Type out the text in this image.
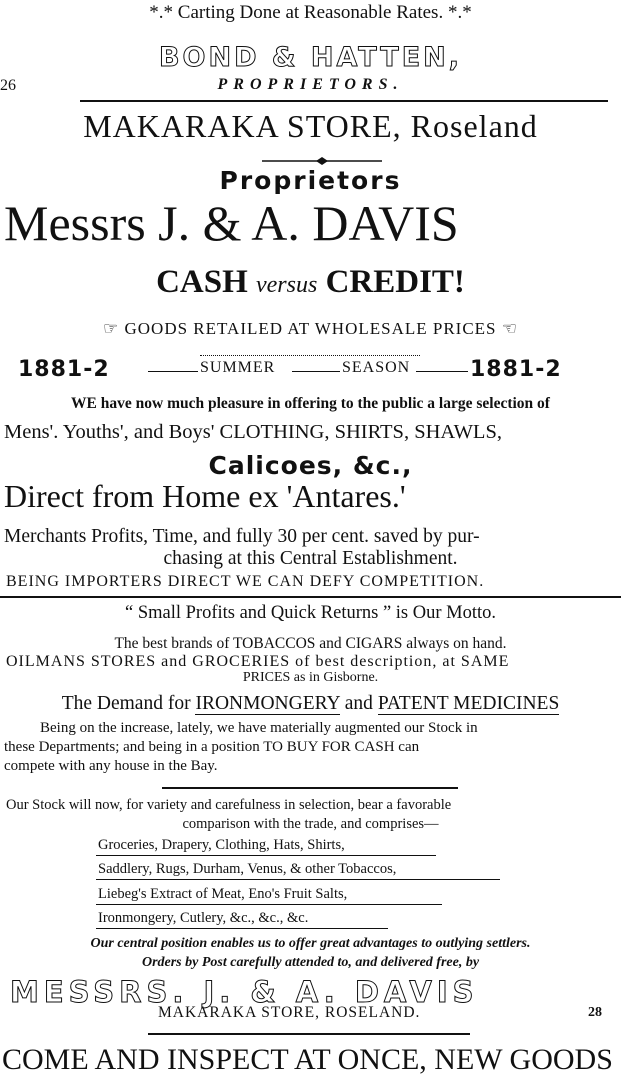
*.* Carting Done at Reasonable Rates. *.*
BOND & HATTEN,
26	PROPRIETORS.
MAKARAKA STORE, Roseland
Proprietors
Messrs J. & A. DAVIS
CASH versus CREDIT!
☞ GOODS RETAILED AT WHOLESALE PRICES ☜
1881-2	SUMMER	SEASON	1881-2
WE have now much pleasure in offering to the public a large selection of
Mens'. Youths', and Boys' CLOTHING, SHIRTS, SHAWLS,
Calicoes, &c.,
Direct from Home ex 'Antares.'
Merchants Profits, Time, and fully 30 per cent. saved by pur-
chasing at this Central Establishment.
BEING IMPORTERS DIRECT WE CAN DEFY COMPETITION.
“ Small Profits and Quick Returns ” is Our Motto.
The best brands of TOBACCOS and CIGARS always on hand.
OILMANS STORES and GROCERIES of best description, at SAME
PRICES as in Gisborne.
The Demand for IRONMONGERY and PATENT MEDICINES
Being on the increase, lately, we have materially augmented our Stock in
these Departments; and being in a position TO BUY FOR CASH can
compete with any house in the Bay.
Our Stock will now, for variety and carefulness in selection, bear a favorable
comparison with the trade, and comprises—
Groceries, Drapery, Clothing, Hats, Shirts,
Saddlery, Rugs, Durham, Venus, & other Tobaccos,
Liebeg's Extract of Meat, Eno's Fruit Salts,
Ironmongery, Cutlery, &c., &c., &c.
Our central position enables us to offer great advantages to outlying settlers.
Orders by Post carefully attended to, and delivered free, by
MESSRS. J. & A. DAVIS
MAKARAKA STORE, ROSELAND.	28
COME AND INSPECT AT ONCE, NEW GOODS
